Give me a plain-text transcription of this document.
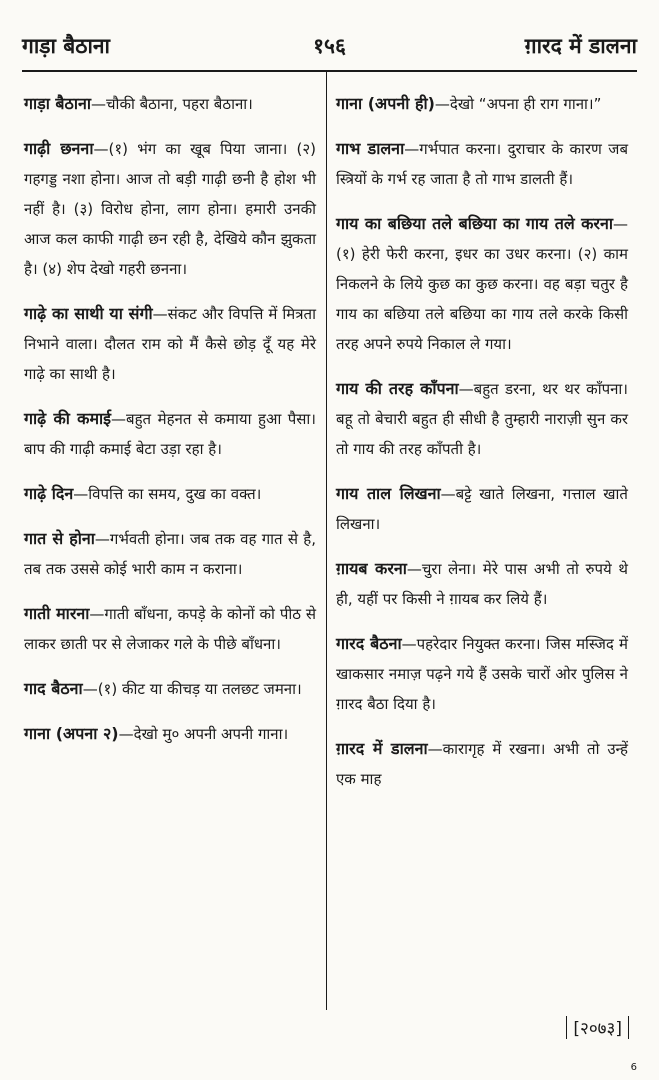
गाड़ा बैठाना	१५६	ग़ारद में डालना

गाड़ा बैठाना—चौकी बैठाना, पहरा बैठाना।

गाढ़ी छनना—(१) भंग का खूब पिया जाना। (२) गहगड्ड नशा होना। आज तो बड़ी गाढ़ी छनी है होश भी नहीं है। (३) विरोध होना, लाग होना। हमारी उनकी आज कल काफी गाढ़ी छन रही है, देखिये कौन झुकता है। (४) शेप देखो गहरी छनना।

गाढ़े का साथी या संगी—संकट और विपत्ति में मित्रता निभाने वाला। दौलत राम को मैं कैसे छोड़ दूँ यह मेरे गाढ़े का साथी है।

गाढ़े की कमाई—बहुत मेहनत से कमाया हुआ पैसा। बाप की गाढ़ी कमाई बेटा उड़ा रहा है।

गाढ़े दिन—विपत्ति का समय, दुख का वक्त।

गात से होना—गर्भवती होना। जब तक वह गात से है, तब तक उससे कोई भारी काम न कराना।

गाती मारना—गाती बाँधना, कपड़े के कोनों को पीठ से लाकर छाती पर से लेजाकर गले के पीछे बाँधना।

गाद बैठना—(१) कीट या कीचड़ या तलछट जमना।

गाना (अपना २)—देखो मु० अपनी अपनी गाना।

गाना (अपनी ही)—देखो “अपना ही राग गाना।”

गाभ डालना—गर्भपात करना। दुराचार के कारण जब स्त्रियों के गर्भ रह जाता है तो गाभ डालती हैं।

गाय का बछिया तले बछिया का गाय तले करना—(१) हेरी फेरी करना, इधर का उधर करना। (२) काम निकलने के लिये कुछ का कुछ करना। वह बड़ा चतुर है गाय का बछिया तले बछिया का गाय तले करके किसी तरह अपने रुपये निकाल ले गया।

गाय की तरह काँपना—बहुत डरना, थर थर काँपना। बहू तो बेचारी बहुत ही सीधी है तुम्हारी नाराज़ी सुन कर तो गाय की तरह काँपती है।

गाय ताल लिखना—बट्टे खाते लिखना, गत्ताल खाते लिखना।

ग़ायब करना—चुरा लेना। मेरे पास अभी तो रुपये थे ही, यहीं पर किसी ने ग़ायब कर लिये हैं।

गारद बैठना—पहरेदार नियुक्त करना। जिस मस्जिद में खाकसार नमाज़ पढ़ने गये हैं उसके चारों ओर पुलिस ने ग़ारद बैठा दिया है।

ग़ारद में डालना—कारागृह में रखना। अभी तो उन्हें एक माह

[२०७३]
6
